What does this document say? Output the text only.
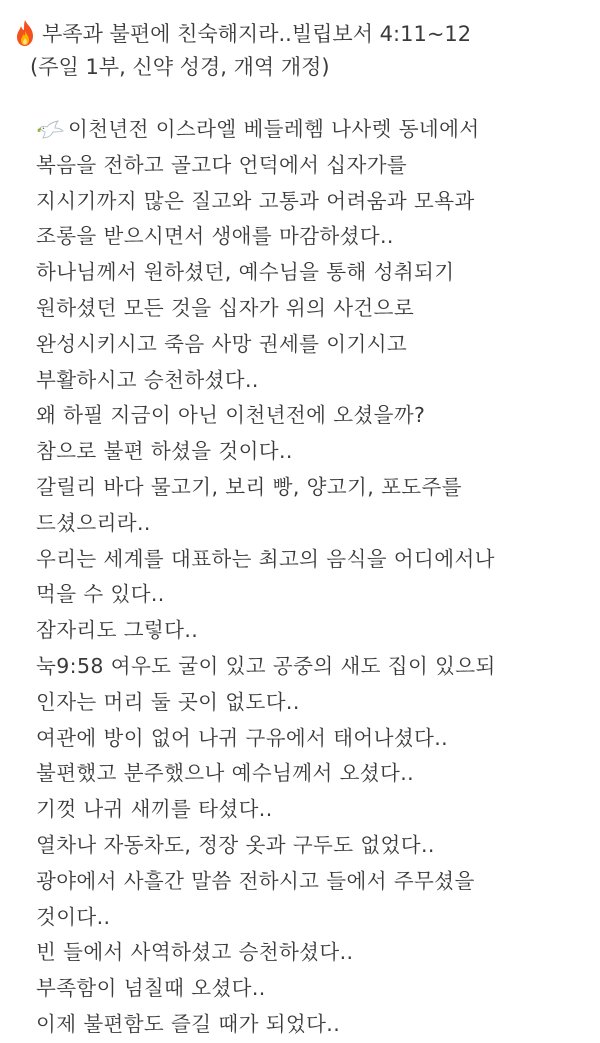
부족과 불편에 친숙해지라..빌립보서 4:11~12
(주일 1부, 신약 성경, 개역 개정)
이천년전 이스라엘 베들레헴 나사렛 동네에서
복음을 전하고 골고다 언덕에서 십자가를
지시기까지 많은 질고와 고통과 어려움과 모욕과
조롱을 받으시면서 생애를 마감하셨다..
하나님께서 원하셨던, 예수님을 통해 성취되기
원하셨던 모든 것을 십자가 위의 사건으로
완성시키시고 죽음 사망 권세를 이기시고
부활하시고 승천하셨다..
왜 하필 지금이 아닌 이천년전에 오셨을까?
참으로 불편 하셨을 것이다..
갈릴리 바다 물고기, 보리 빵, 양고기, 포도주를
드셨으리라..
우리는 세계를 대표하는 최고의 음식을 어디에서나
먹을 수 있다..
잠자리도 그렇다..
눅9:58 여우도 굴이 있고 공중의 새도 집이 있으되
인자는 머리 둘 곳이 없도다..
여관에 방이 없어 나귀 구유에서 태어나셨다..
불편했고 분주했으나 예수님께서 오셨다..
기껏 나귀 새끼를 타셨다..
열차나 자동차도, 정장 옷과 구두도 없었다..
광야에서 사흘간 말씀 전하시고 들에서 주무셨을
것이다..
빈 들에서 사역하셨고 승천하셨다..
부족함이 넘칠때 오셨다..
이제 불편함도 즐길 때가 되었다..
